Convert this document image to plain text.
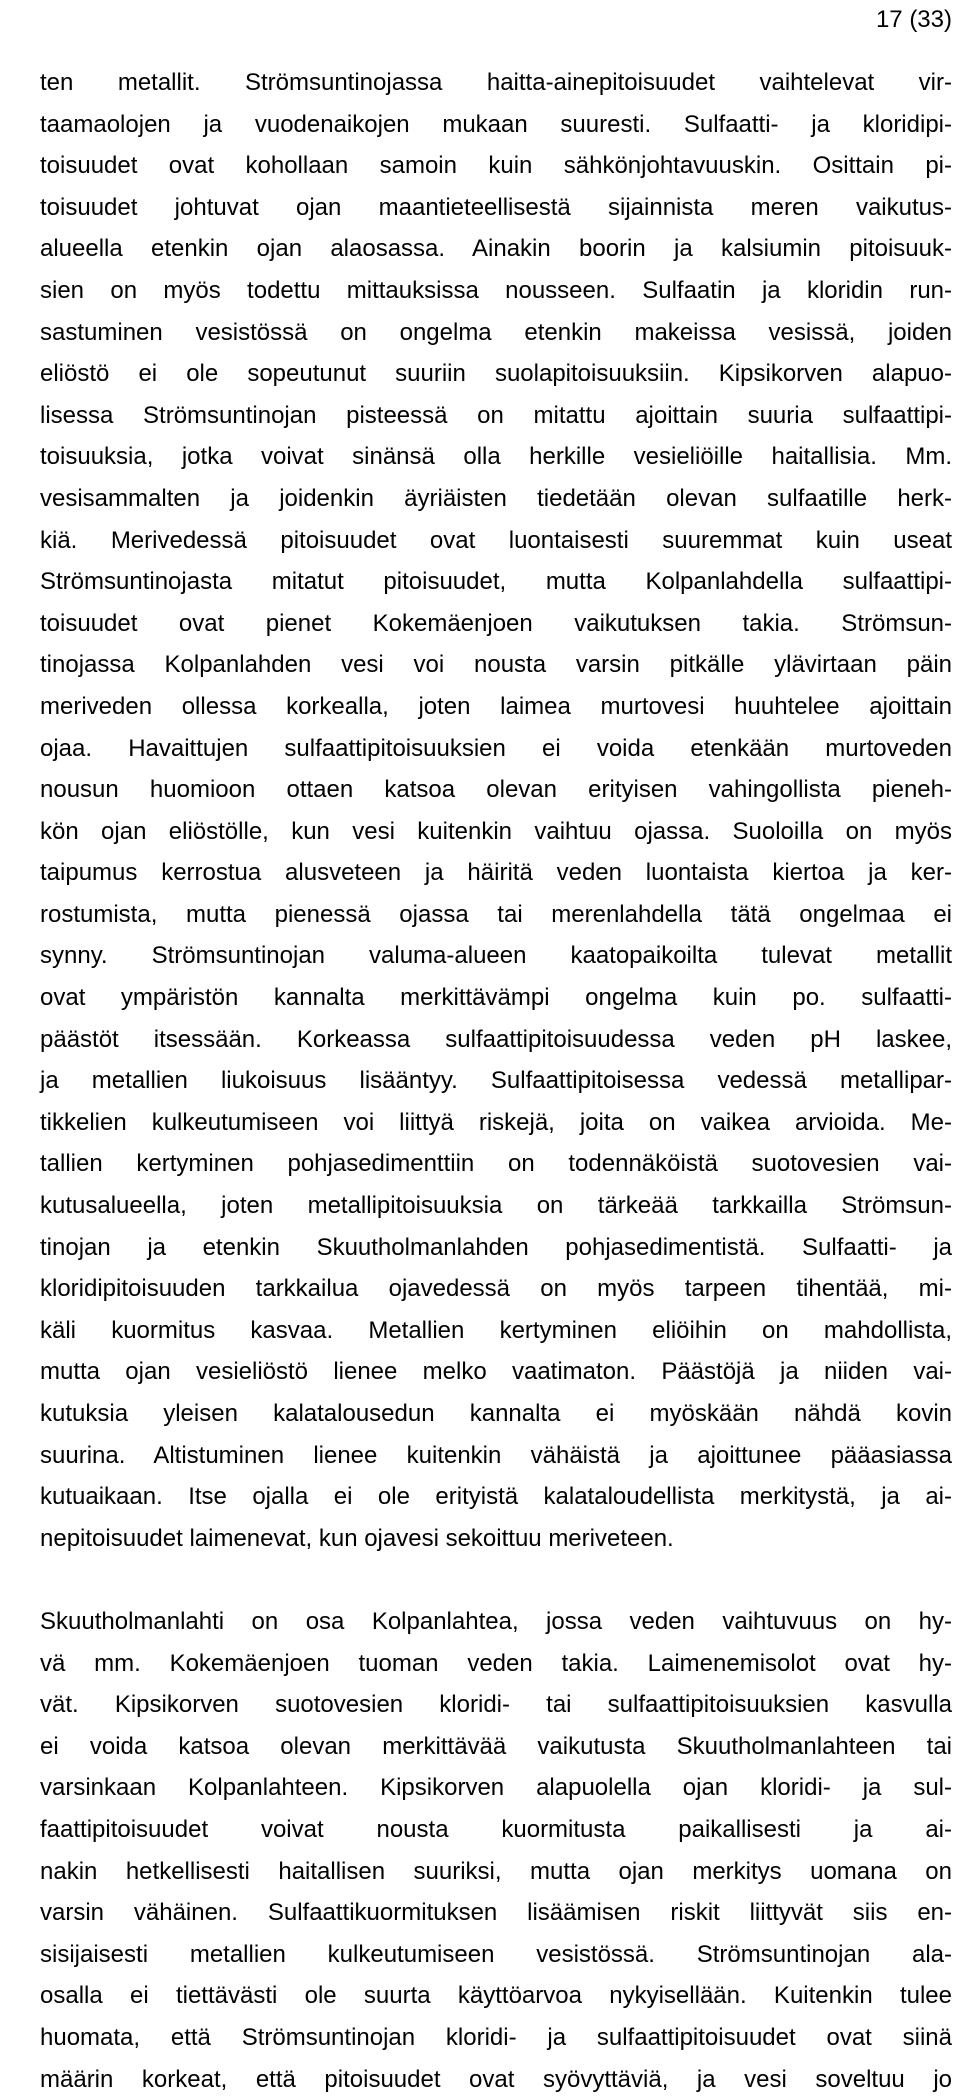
17 (33)
ten metallit. Strömsuntinojassa haitta-ainepitoisuudet vaihtelevat vir-
taamaolojen ja vuodenaikojen mukaan suuresti. Sulfaatti- ja kloridipi-
toisuudet ovat kohollaan samoin kuin sähkönjohtavuuskin. Osittain pi-
toisuudet johtuvat ojan maantieteellisestä sijainnista meren vaikutus-
alueella etenkin ojan alaosassa. Ainakin boorin ja kalsiumin pitoisuuk-
sien on myös todettu mittauksissa nousseen. Sulfaatin ja kloridin run-
sastuminen vesistössä on ongelma etenkin makeissa vesissä, joiden
eliöstö ei ole sopeutunut suuriin suolapitoisuuksiin. Kipsikorven alapuo-
lisessa Strömsuntinojan pisteessä on mitattu ajoittain suuria sulfaattipi-
toisuuksia, jotka voivat sinänsä olla herkille vesieliöille haitallisia. Mm.
vesisammalten ja joidenkin äyriäisten tiedetään olevan sulfaatille herk-
kiä. Merivedessä pitoisuudet ovat luontaisesti suuremmat kuin useat
Strömsuntinojasta mitatut pitoisuudet, mutta Kolpanlahdella sulfaattipi-
toisuudet ovat pienet Kokemäenjoen vaikutuksen takia. Strömsun-
tinojassa Kolpanlahden vesi voi nousta varsin pitkälle ylävirtaan päin
meriveden ollessa korkealla, joten laimea murtovesi huuhtelee ajoittain
ojaa. Havaittujen sulfaattipitoisuuksien ei voida etenkään murtoveden
nousun huomioon ottaen katsoa olevan erityisen vahingollista pieneh-
kön ojan eliöstölle, kun vesi kuitenkin vaihtuu ojassa. Suoloilla on myös
taipumus kerrostua alusveteen ja häiritä veden luontaista kiertoa ja ker-
rostumista, mutta pienessä ojassa tai merenlahdella tätä ongelmaa ei
synny. Strömsuntinojan valuma-alueen kaatopaikoilta tulevat metallit
ovat ympäristön kannalta merkittävämpi ongelma kuin po. sulfaatti-
päästöt itsessään. Korkeassa sulfaattipitoisuudessa veden pH laskee,
ja metallien liukoisuus lisääntyy. Sulfaattipitoisessa vedessä metallipar-
tikkelien kulkeutumiseen voi liittyä riskejä, joita on vaikea arvioida. Me-
tallien kertyminen pohjasedimenttiin on todennäköistä suotovesien vai-
kutusalueella, joten metallipitoisuuksia on tärkeää tarkkailla Strömsun-
tinojan ja etenkin Skuutholmanlahden pohjasedimentistä. Sulfaatti- ja
kloridipitoisuuden tarkkailua ojavedessä on myös tarpeen tihentää, mi-
käli kuormitus kasvaa. Metallien kertyminen eliöihin on mahdollista,
mutta ojan vesieliöstö lienee melko vaatimaton. Päästöjä ja niiden vai-
kutuksia yleisen kalatalousedun kannalta ei myöskään nähdä kovin
suurina. Altistuminen lienee kuitenkin vähäistä ja ajoittunee pääasiassa
kutuaikaan. Itse ojalla ei ole erityistä kalataloudellista merkitystä, ja ai-
nepitoisuudet laimenevat, kun ojavesi sekoittuu meriveteen.
Skuutholmanlahti on osa Kolpanlahtea, jossa veden vaihtuvuus on hy-
vä mm. Kokemäenjoen tuoman veden takia. Laimenemisolot ovat hy-
vät. Kipsikorven suotovesien kloridi- tai sulfaattipitoisuuksien kasvulla
ei voida katsoa olevan merkittävää vaikutusta Skuutholmanlahteen tai
varsinkaan Kolpanlahteen. Kipsikorven alapuolella ojan kloridi- ja sul-
faattipitoisuudet voivat nousta kuormitusta paikallisesti ja ai-
nakin hetkellisesti haitallisen suuriksi, mutta ojan merkitys uomana on
varsin vähäinen. Sulfaattikuormituksen lisäämisen riskit liittyvät siis en-
sisijaisesti metallien kulkeutumiseen vesistössä. Strömsuntinojan ala-
osalla ei tiettävästi ole suurta käyttöarvoa nykyisellään. Kuitenkin tulee
huomata, että Strömsuntinojan kloridi- ja sulfaattipitoisuudet ovat siinä
määrin korkeat, että pitoisuudet ovat syövyttäviä, ja vesi soveltuu jo
